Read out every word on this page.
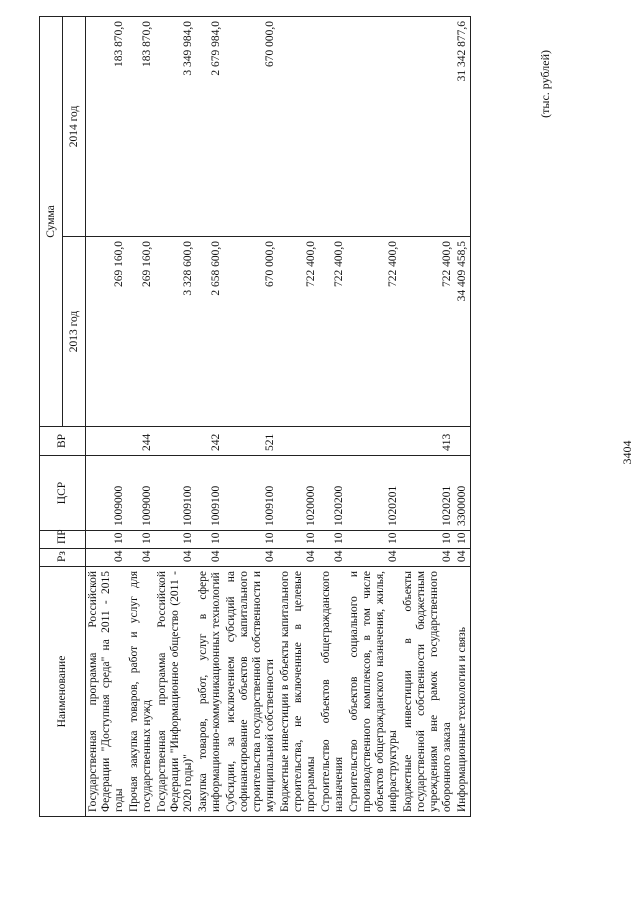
3404
(тыс. рублей)
Наименование	Рз	ПР	ЦСР	ВР	Сумма	
					2013 год	2014 год
Государственная программа Российской Федерации "Доступная среда" на 2011 - 2015 годы	04	10	1009000		269 160,0	183 870,0
Прочая закупка товаров, работ и услуг для государственных нужд	04	10	1009000	244	269 160,0	183 870,0
Государственная программа Российской Федерации "Информационное общество (2011 - 2020 годы)"	04	10	1009100		3 328 600,0	3 349 984,0
Закупка товаров, работ, услуг в сфере информационно-коммуникационных технологий	04	10	1009100	242	2 658 600,0	2 679 984,0
Субсидии, за исключением субсидий на софинансирование объектов капитального строительства государственной собственности и муниципальной собственности	04	10	1009100	521	670 000,0	670 000,0
Бюджетные инвестиции в объекты капитального строительства, не включенные в целевые программы	04	10	1020000		722 400,0	
Строительство объектов общегражданского назначения	04	10	1020200		722 400,0	
Строительство объектов социального и производственного комплексов, в том числе объектов общегражданского назначения, жилья, инфраструктуры	04	10	1020201		722 400,0	
Бюджетные инвестиции в объекты государственной собственности бюджетным учреждениям вне рамок государственного оборонного заказа	04	10	1020201	413	722 400,0	
Информационные технологии и связь	04	10	3300000		34 409 458,5	31 342 877,6
